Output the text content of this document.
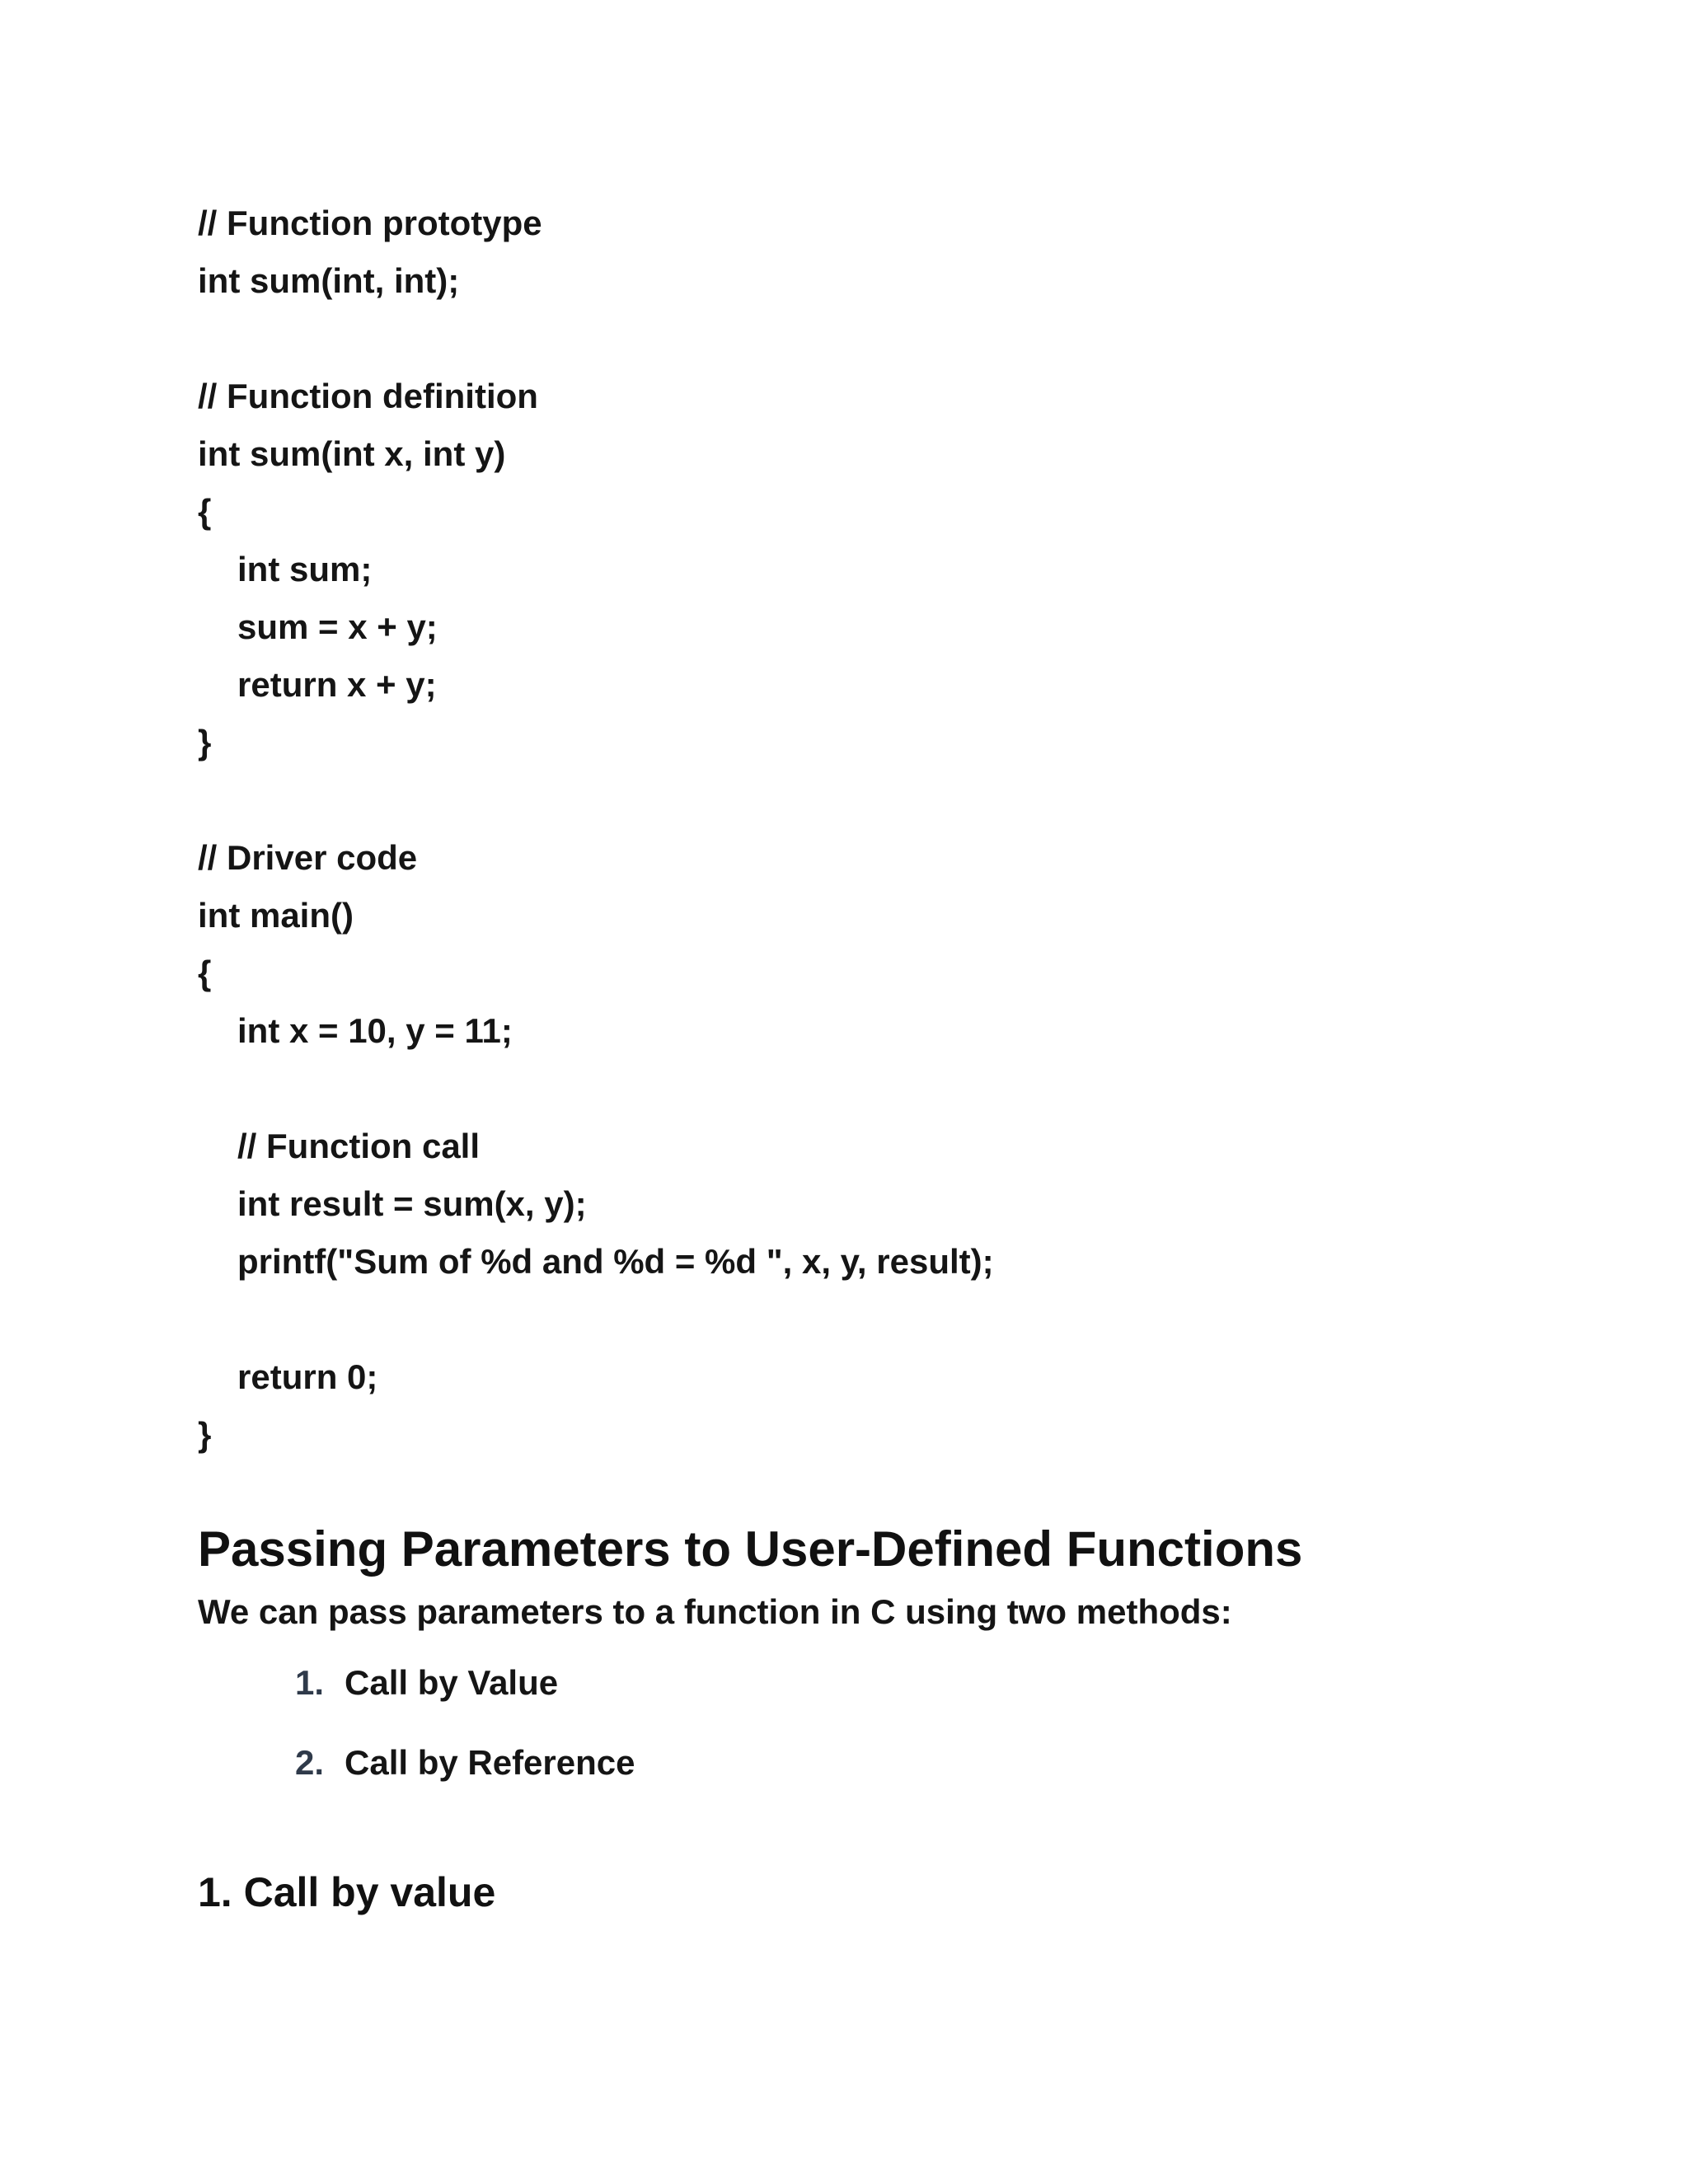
// Function prototype
int sum(int, int);
// Function definition
int sum(int x, int y)
{
int sum;
sum = x + y;
return x + y;
}
// Driver code
int main()
{
int x = 10, y = 11;
// Function call
int result = sum(x, y);
printf("Sum of %d and %d = %d ", x, y, result);
return 0;
}
Passing Parameters to User-Defined Functions
We can pass parameters to a function in C using two methods:
1. Call by Value
2. Call by Reference
1. Call by value
